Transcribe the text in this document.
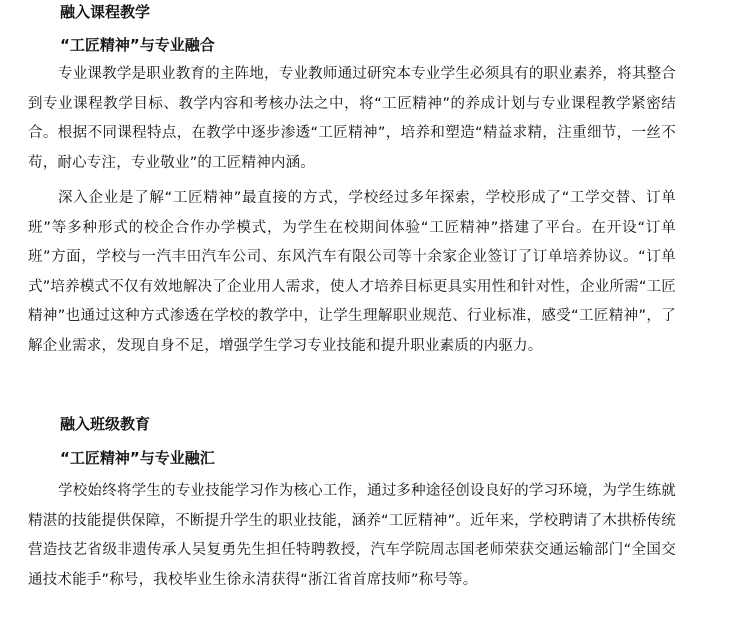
融入课程教学
“工匠精神”与专业融合
专业课教学是职业教育的主阵地，专业教师通过研究本专业学生必须具有的职业素养，将其整合到专业课程教学目标、教学内容和考核办法之中，将“工匠精神”的养成计划与专业课程教学紧密结合。根据不同课程特点，在教学中逐步渗透“工匠精神”，培养和塑造“精益求精，注重细节，一丝不苟，耐心专注，专业敬业”的工匠精神内涵。
深入企业是了解“工匠精神”最直接的方式，学校经过多年探索，学校形成了“工学交替、订单班”等多种形式的校企合作办学模式，为学生在校期间体验“工匠精神”搭建了平台。在开设“订单班”方面，学校与一汽丰田汽车公司、东风汽车有限公司等十余家企业签订了订单培养协议。“订单式”培养模式不仅有效地解决了企业用人需求，使人才培养目标更具实用性和针对性，企业所需“工匠精神”也通过这种方式渗透在学校的教学中，让学生理解职业规范、行业标准，感受“工匠精神”，了解企业需求，发现自身不足，增强学生学习专业技能和提升职业素质的内驱力。
融入班级教育
“工匠精神”与专业融汇
学校始终将学生的专业技能学习作为核心工作，通过多种途径创设良好的学习环境，为学生练就精湛的技能提供保障，不断提升学生的职业技能，涵养“工匠精神”。近年来，学校聘请了木拱桥传统营造技艺省级非遗传承人吴复勇先生担任特聘教授，汽车学院周志国老师荣获交通运输部门“全国交通技术能手”称号，我校毕业生徐永清获得“浙江省首席技师”称号等。
